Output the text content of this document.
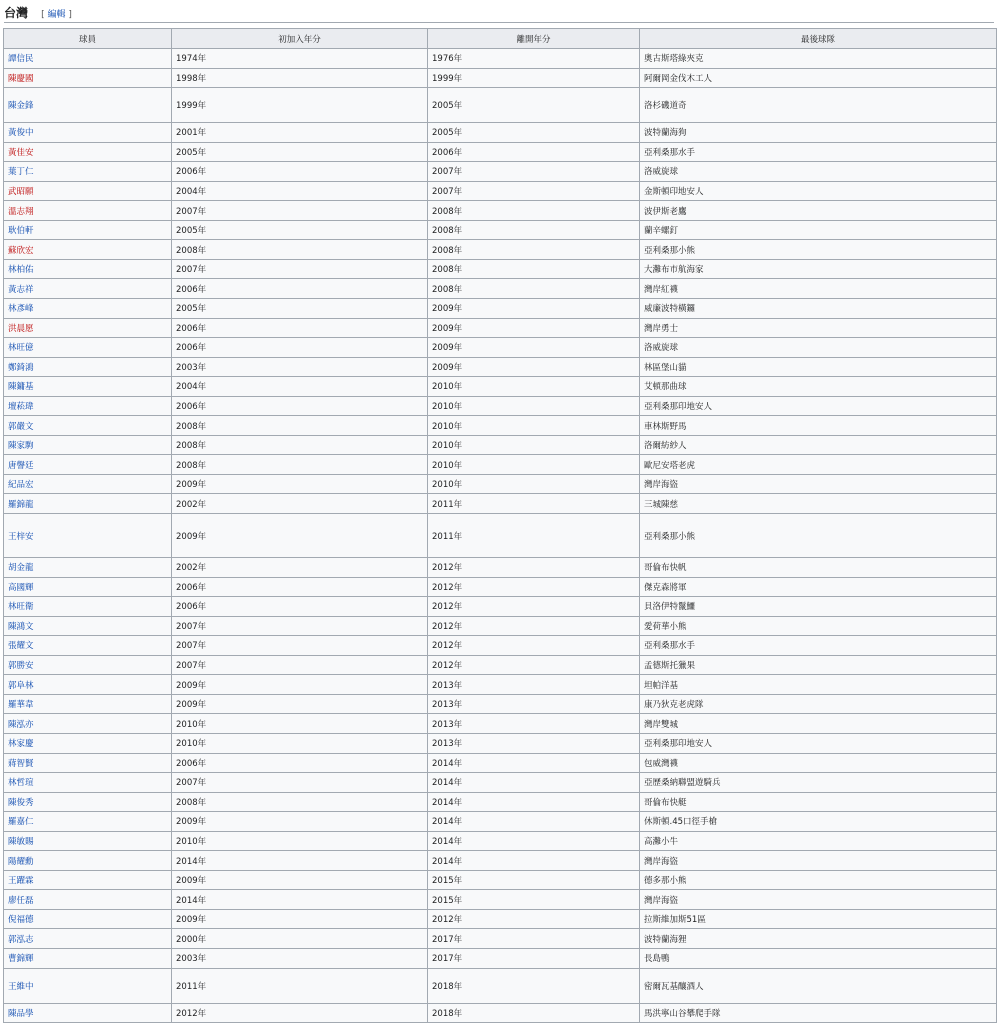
台灣 [ 編輯 ]
球員	初加入年分	離開年分	最後球隊
譚信民	1974年	1976年	奧古斯塔綠夾克
陳慶國	1998年	1999年	阿爾岡金伐木工人
陳金鋒	1999年	2005年	洛杉磯道奇
黃俊中	2001年	2005年	波特蘭海狗
黃佳安	2005年	2006年	亞利桑那水手
葉丁仁	2006年	2007年	洛威旋球
武昭願	2004年	2007年	金斯頓印地安人
溫志翔	2007年	2008年	波伊斯老鷹
耿伯軒	2005年	2008年	蘭辛螺釘
蘇欣宏	2008年	2008年	亞利桑那小熊
林柏佑	2007年	2008年	大灘布市航海家
黃志祥	2006年	2008年	灣岸紅襪
林彥峰	2005年	2009年	威廉波特橫鑼
洪晨愿	2006年	2009年	灣岸勇士
林旺億	2006年	2009年	洛威旋球
鄭錡鴻	2003年	2009年	林區堡山貓
陳鏞基	2004年	2010年	艾頓那曲球
壇菘瑋	2006年	2010年	亞利桑那印地安人
郭嚴文	2008年	2010年	車林斯野馬
陳家駒	2008年	2010年	洛爾紡紗人
唐韾廷	2008年	2010年	歐尼安塔老虎
紀品宏	2009年	2010年	灣岸海盜
羅錦龍	2002年	2011年	三城陳慈
王梓安	2009年	2011年	亞利桑那小熊
胡金龍	2002年	2012年	哥倫布快帆
高國輝	2006年	2012年	傑克森將軍
林旺衛	2006年	2012年	貝洛伊特鬣鱷
陳鴻文	2007年	2012年	愛荷華小熊
張耀文	2007年	2012年	亞利桑那水手
郭勝安	2007年	2012年	孟德斯托獵果
郭阜林	2009年	2013年	坦帕洋基
羅華韋	2009年	2013年	康乃狄克老虎隊
陳泓亦	2010年	2013年	灣岸雙城
林家慶	2010年	2013年	亞利桑那印地安人
蔣智賢	2006年	2014年	包威灣襪
林哲瑄	2007年	2014年	亞歷桑納聯盟遊騎兵
陳俊秀	2008年	2014年	哥倫布快艇
羅嘉仁	2009年	2014年	休斯頓.45口徑手槍
陳敏賜	2010年	2014年	高灘小牛
陽耀勳	2014年	2014年	灣岸海盜
王躍霖	2009年	2015年	德多那小熊
廖任磊	2014年	2015年	灣岸海盜
倪福德	2009年	2012年	拉斯維加斯51區
郭泓志	2000年	2017年	波特蘭海狸
曹錦輝	2003年	2017年	長島鴨
王維中	2011年	2018年	密爾瓦基釀酒人
陳品學	2012年	2018年	馬洪寧山谷攀爬手隊
